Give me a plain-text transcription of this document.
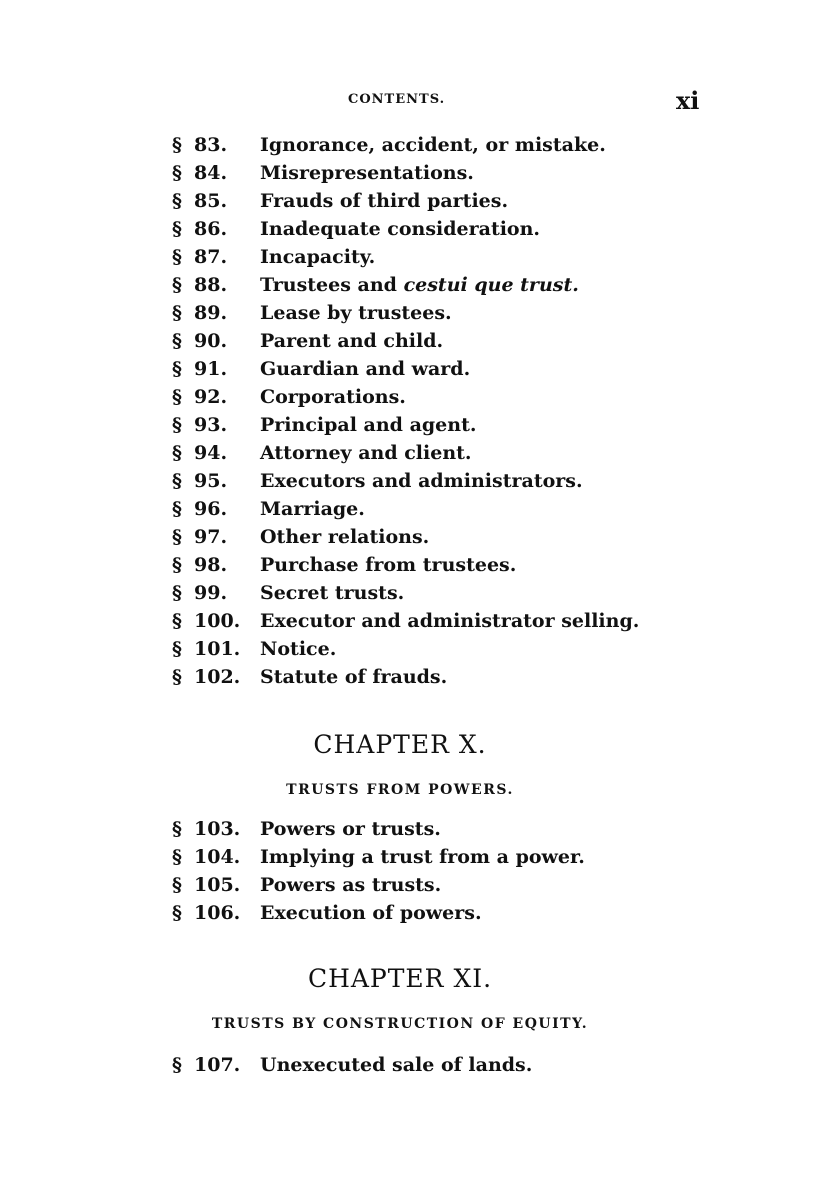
CONTENTS.	xi
§ 83.	Ignorance, accident, or mistake.
§ 84.	Misrepresentations.
§ 85.	Frauds of third parties.
§ 86.	Inadequate consideration.
§ 87.	Incapacity.
§ 88.	Trustees and cestui que trust.
§ 89.	Lease by trustees.
§ 90.	Parent and child.
§ 91.	Guardian and ward.
§ 92.	Corporations.
§ 93.	Principal and agent.
§ 94.	Attorney and client.
§ 95.	Executors and administrators.
§ 96.	Marriage.
§ 97.	Other relations.
§ 98.	Purchase from trustees.
§ 99.	Secret trusts.
§ 100.	Executor and administrator selling.
§ 101.	Notice.
§ 102.	Statute of frauds.
CHAPTER X.
TRUSTS FROM POWERS.
§ 103.	Powers or trusts.
§ 104.	Implying a trust from a power.
§ 105.	Powers as trusts.
§ 106.	Execution of powers.
CHAPTER XI.
TRUSTS BY CONSTRUCTION OF EQUITY.
§ 107.	Unexecuted sale of lands.
